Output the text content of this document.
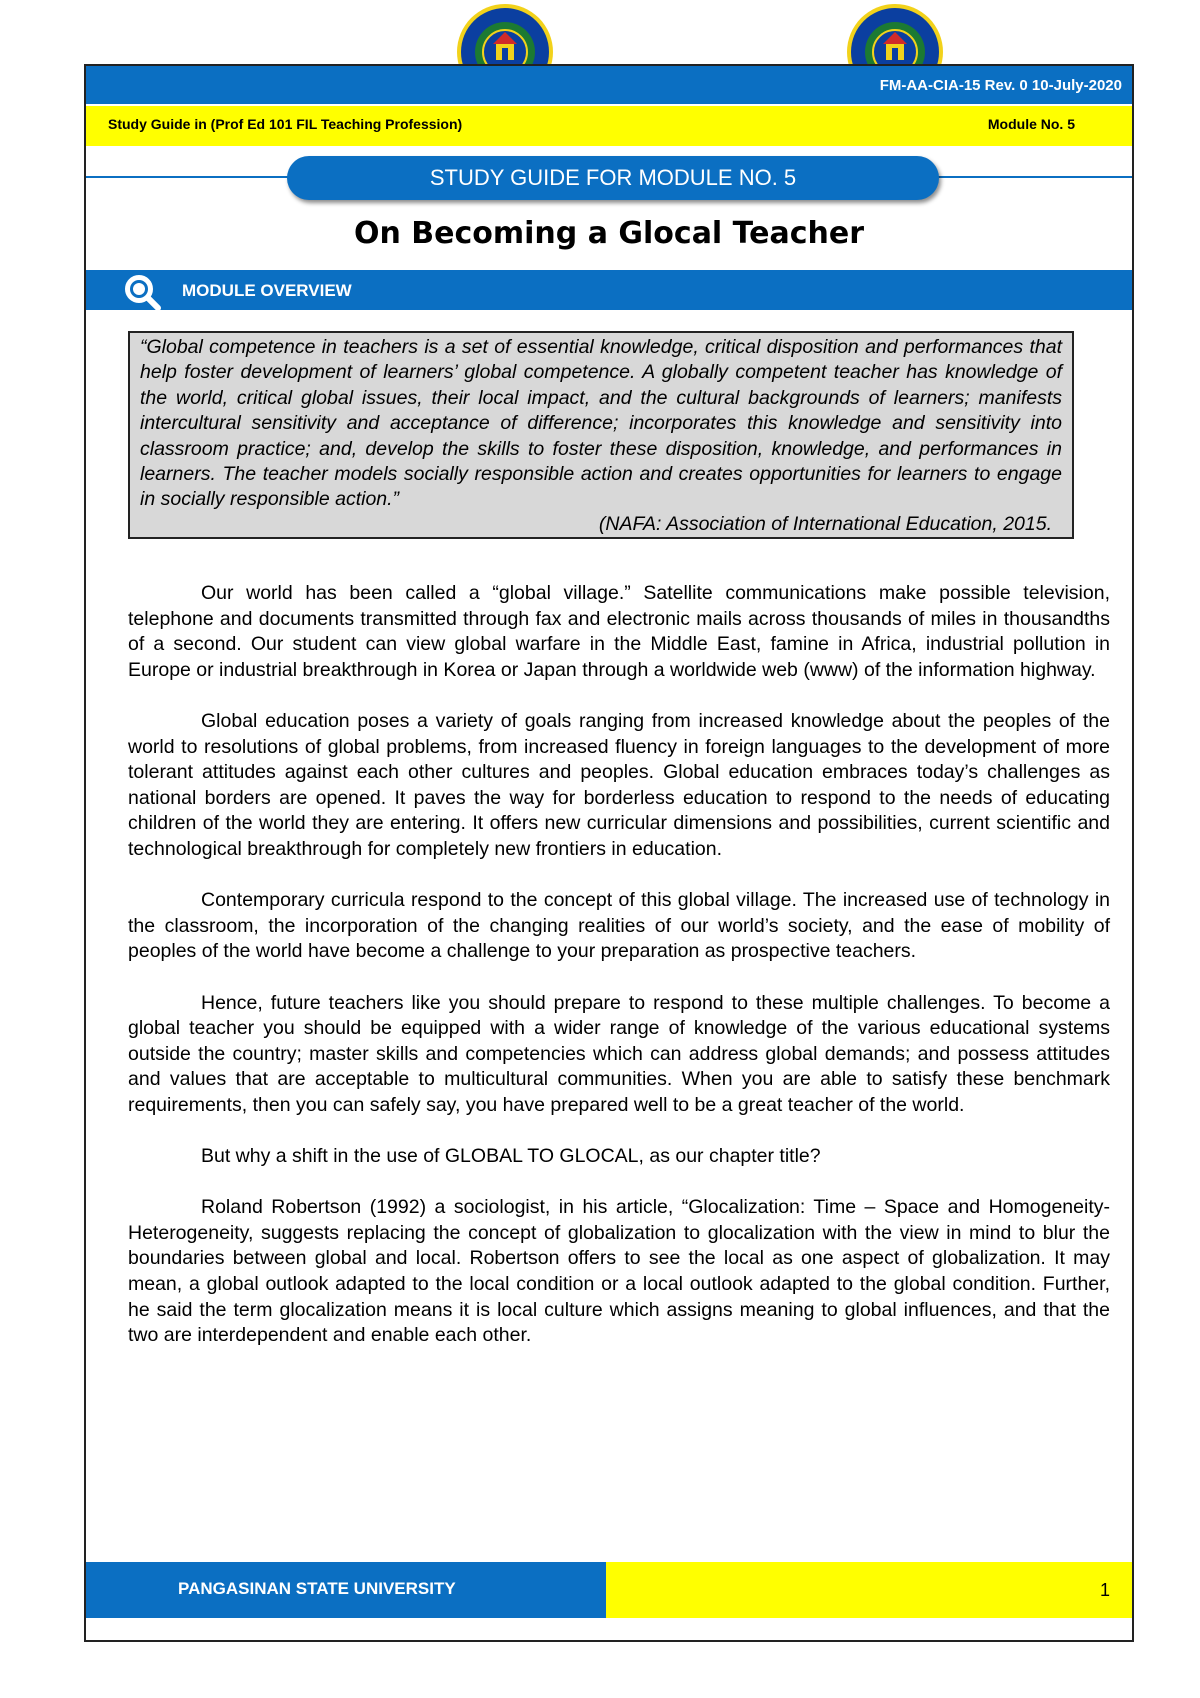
FM-AA-CIA-15 Rev. 0 10-July-2020
Study Guide in (Prof Ed 101 FIL Teaching Profession)	Module No. 5
STUDY GUIDE FOR MODULE NO. 5
On Becoming a Glocal Teacher
MODULE OVERVIEW
“Global competence in teachers is a set of essential knowledge, critical disposition and performances that help foster development of learners’ global competence. A globally competent teacher has knowledge of the world, critical global issues, their local impact, and the cultural backgrounds of learners; manifests intercultural sensitivity and acceptance of difference; incorporates this knowledge and sensitivity into classroom practice; and, develop the skills to foster these disposition, knowledge, and performances in learners. The teacher models socially responsible action and creates opportunities for learners to engage in socially responsible action.”
(NAFA: Association of International Education, 2015.

Our world has been called a “global village.” Satellite communications make possible television, telephone and documents transmitted through fax and electronic mails across thousands of miles in thousandths of a second. Our student can view global warfare in the Middle East, famine in Africa, industrial pollution in Europe or industrial breakthrough in Korea or Japan through a worldwide web (www) of the information highway.

Global education poses a variety of goals ranging from increased knowledge about the peoples of the world to resolutions of global problems, from increased fluency in foreign languages to the development of more tolerant attitudes against each other cultures and peoples. Global education embraces today’s challenges as national borders are opened. It paves the way for borderless education to respond to the needs of educating children of the world they are entering. It offers new curricular dimensions and possibilities, current scientific and technological breakthrough for completely new frontiers in education.

Contemporary curricula respond to the concept of this global village. The increased use of technology in the classroom, the incorporation of the changing realities of our world’s society, and the ease of mobility of peoples of the world have become a challenge to your preparation as prospective teachers.

Hence, future teachers like you should prepare to respond to these multiple challenges. To become a global teacher you should be equipped with a wider range of knowledge of the various educational systems outside the country; master skills and competencies which can address global demands; and possess attitudes and values that are acceptable to multicultural communities. When you are able to satisfy these benchmark requirements, then you can safely say, you have prepared well to be a great teacher of the world.

But why a shift in the use of GLOBAL TO GLOCAL, as our chapter title?

Roland Robertson (1992) a sociologist, in his article, “Glocalization: Time – Space and Homogeneity-Heterogeneity, suggests replacing the concept of globalization to glocalization with the view in mind to blur the boundaries between global and local. Robertson offers to see the local as one aspect of globalization. It may mean, a global outlook adapted to the local condition or a local outlook adapted to the global condition. Further, he said the term glocalization means it is local culture which assigns meaning to global influences, and that the two are interdependent and enable each other.

PANGASINAN STATE UNIVERSITY	1
